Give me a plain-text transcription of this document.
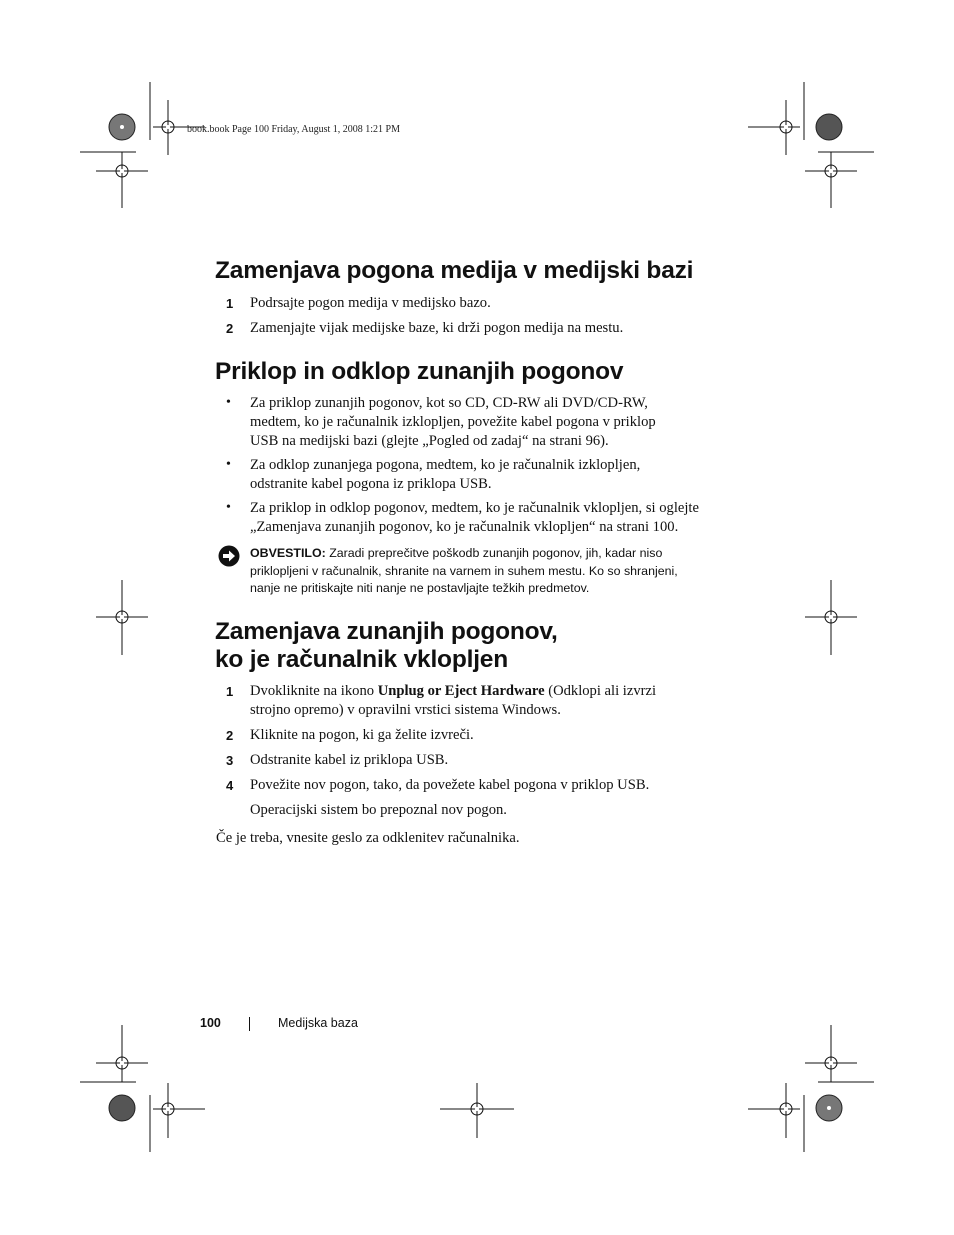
book.book Page 100 Friday, August 1, 2008 1:21 PM
Zamenjava pogona medija v medijski bazi
1 Podrsajte pogon medija v medijsko bazo.
2 Zamenjajte vijak medijske baze, ki drži pogon medija na mestu.
Priklop in odklop zunanjih pogonov
• Za priklop zunanjih pogonov, kot so CD, CD-RW ali DVD/CD-RW,
medtem, ko je računalnik izklopljen, povežite kabel pogona v priklop
USB na medijski bazi (glejte „Pogled od zadaj“ na strani 96).
• Za odklop zunanjega pogona, medtem, ko je računalnik izklopljen,
odstranite kabel pogona iz priklopa USB.
• Za priklop in odklop pogonov, medtem, ko je računalnik vklopljen, si oglejte
„Zamenjava zunanjih pogonov, ko je računalnik vklopljen“ na strani 100.
OBVESTILO: Zaradi preprečitve poškodb zunanjih pogonov, jih, kadar niso
priklopljeni v računalnik, shranite na varnem in suhem mestu. Ko so shranjeni,
nanje ne pritiskajte niti nanje ne postavljajte težkih predmetov.
Zamenjava zunanjih pogonov,
ko je računalnik vklopljen
1 Dvokliknite na ikono Unplug or Eject Hardware (Odklopi ali izvrzi
strojno opremo) v opravilni vrstici sistema Windows.
2 Kliknite na pogon, ki ga želite izvreči.
3 Odstranite kabel iz priklopa USB.
4 Povežite nov pogon, tako, da povežete kabel pogona v priklop USB.
Operacijski sistem bo prepoznal nov pogon.
Če je treba, vnesite geslo za odklenitev računalnika.
100	Medijska baza
